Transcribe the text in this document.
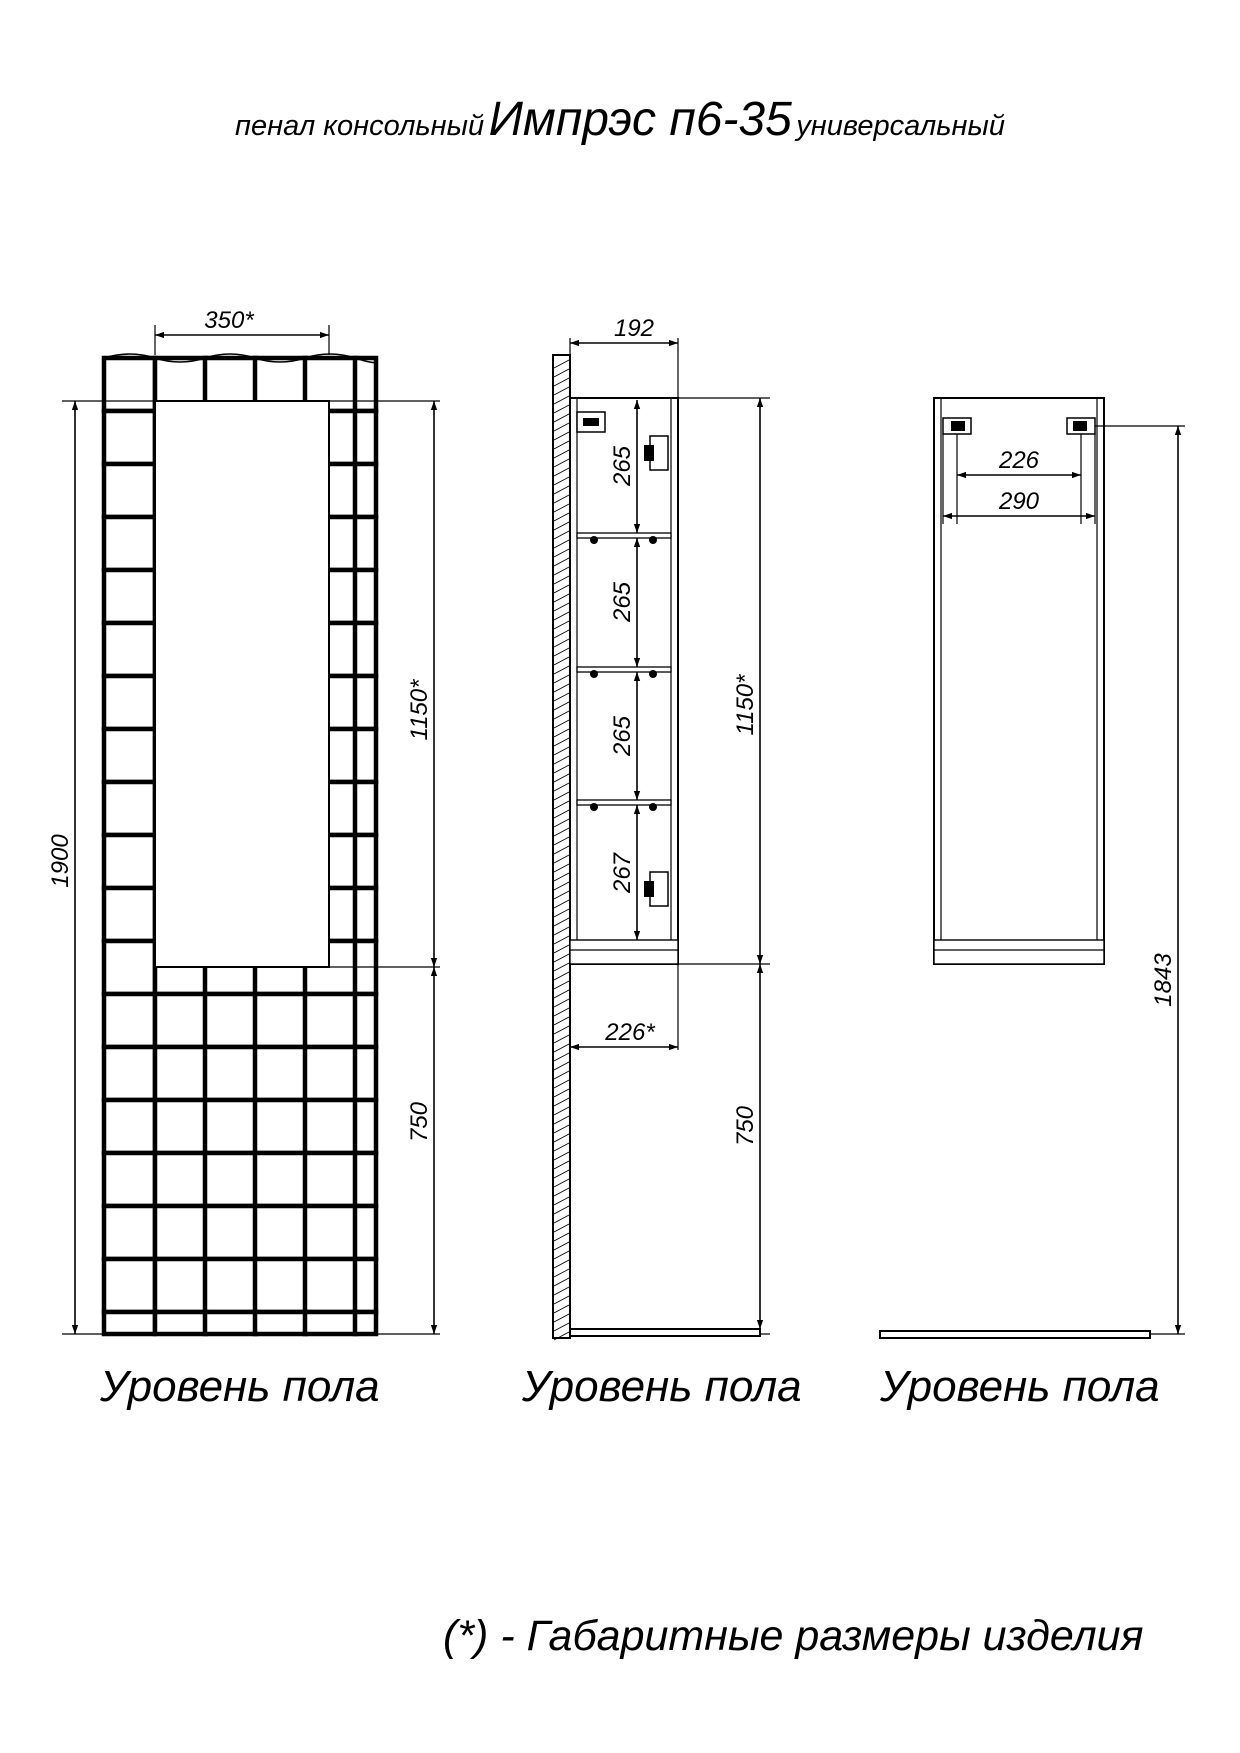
пенал консольный Импрэс п6-35 универсальный
350*
1900
1150*
750
192
265
265
265
267
1150*
750
226*
226
290
1843
Уровень пола	Уровень пола Уровень пола
(*) - Габаритные размеры изделия
